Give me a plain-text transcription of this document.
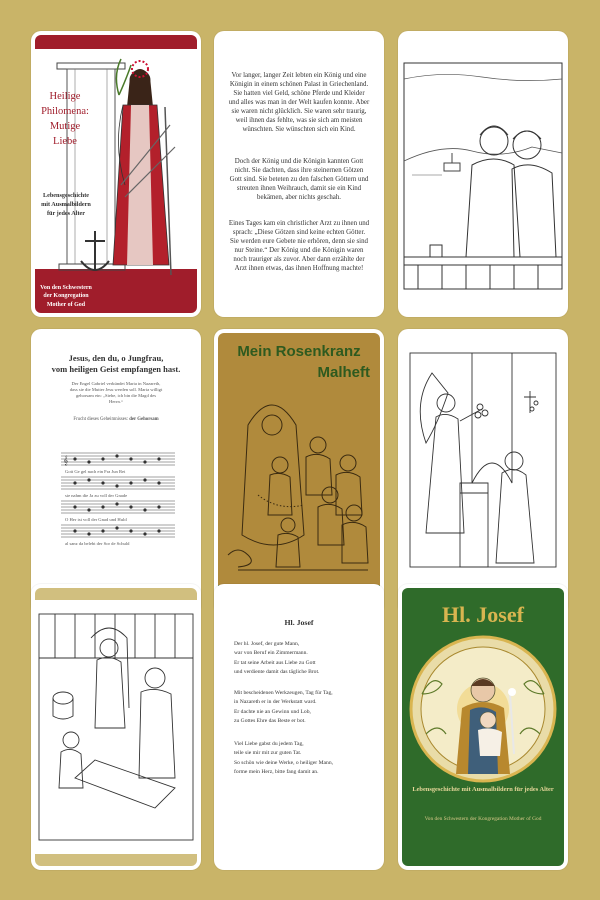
Heilige Philomena: Mutige Liebe
Lebensgeschichte mit Ausmalbildern für jedes Alter
Von den Schwestern der Kongregation Mother of God

Vor langer, langer Zeit lebten ein König und eine Königin in einem schönen Palast in Griechenland. Sie hatten viel Geld, schöne Pferde und Kleider und alles was man in der Welt kaufen konnte. Aber sie waren nicht glücklich. Sie waren sehr traurig, weil ihnen das fehlte, was sie sich am meisten wünschten. Sie wünschten sich ein Kind.

Doch der König und die Königin kannten Gott nicht. Sie dachten, dass ihre steinernen Götzen Gott sind. Sie beteten zu den falschen Göttern und streuten ihnen Weihrauch, damit sie ein Kind bekämen, aber nichts geschah.

Eines Tages kam ein christlicher Arzt zu ihnen und sprach: „Diese Götzen sind keine echten Götter. Sie werden eure Gebete nie erhören, denn sie sind nur Steine.“ Der König und die Königin waren noch trauriger als zuvor. Aber dann erzählte der Arzt ihnen etwas, das ihnen Hoffnung machte!

Jesus, den du, o Jungfrau,
vom heiligen Geist empfangen hast.

Der Engel Gabriel verkündet Maria in Nazareth, dass sie die Mutter Jesu werden soll. Maria willigt gehorsam ein: „Siehe, ich bin die Magd des Herrn.“

Frucht dieses Geheimnisses: der Gehorsam
𝄞
Gott Ge gel nach ein Fra Jun Rei
sie nahm die Ja zu voll der Gnade
O Her ist voll der Gnad und Huld
al sanz da belebt der Sor de Schuld
Mein Rosenkranz
Malheft
Hl. Josef
Der hl. Josef, der gute Mann,
war von Beruf ein Zimmermann.
Er tat seine Arbeit aus Liebe zu Gott
und verdiente damit das tägliche Brot.
Mit bescheidenen Werkzeugen, Tag für Tag,
in Nazareth er in der Werkstatt ward.
Er dachte nie an Gewinn und Lob,
zu Gottes Ehre das Beste er bot.
Viel Liebe gabst du jedem Tag,
teile sie mir mit zur guten Tat.
So schön wie deine Werke, o heiliger Mann,
forme mein Herz, bitte fang damit an.
Hl. Josef
Lebensgeschichte mit Ausmalbildern für jedes Alter
Von den Schwestern der Kongregation Mother of God
